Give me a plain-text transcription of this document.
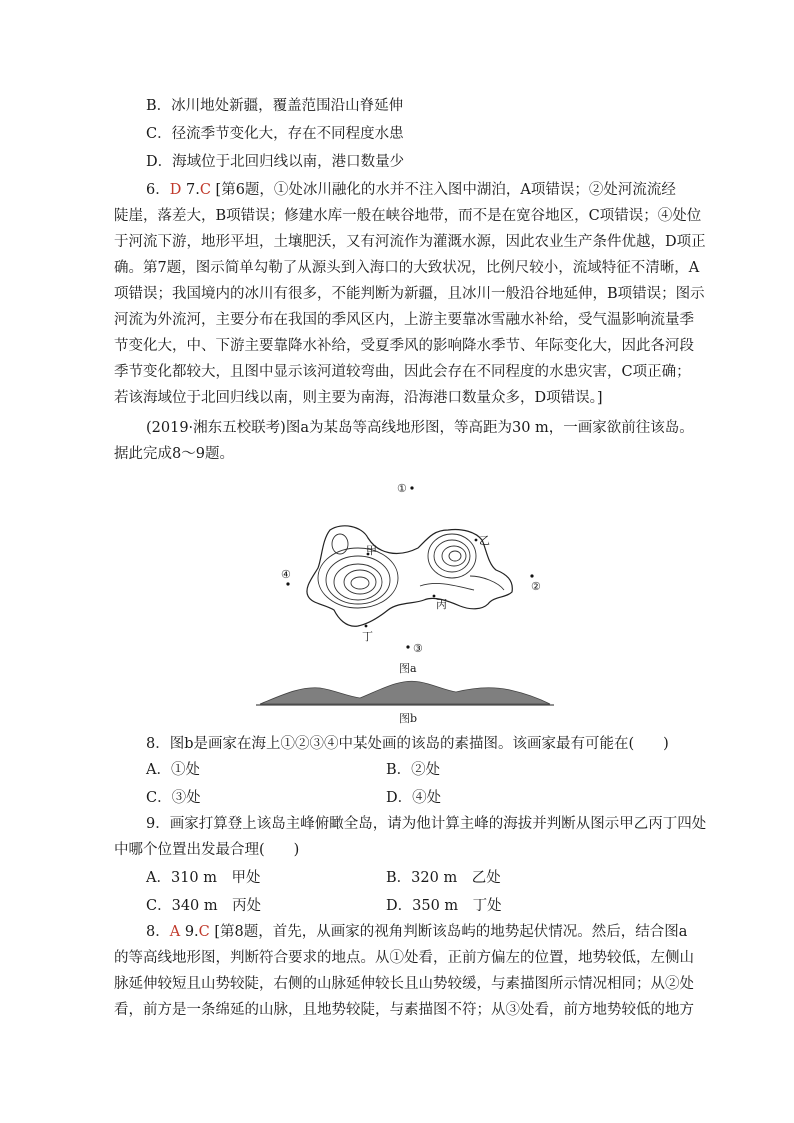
B．冰川地处新疆，覆盖范围沿山脊延伸
C．径流季节变化大，存在不同程度水患
D．海域位于北回归线以南，港口数量少
6．D 7.C [第6题，①处冰川融化的水并不注入图中湖泊，A项错误；②处河流流经
陡崖，落差大，B项错误；修建水库一般在峡谷地带，而不是在宽谷地区，C项错误；④处位
于河流下游，地形平坦，土壤肥沃，又有河流作为灌溉水源，因此农业生产条件优越，D项正
确。第7题，图示简单勾勒了从源头到入海口的大致状况，比例尺较小，流域特征不清晰，A
项错误；我国境内的冰川有很多，不能判断为新疆，且冰川一般沿谷地延伸，B项错误；图示
河流为外流河，主要分布在我国的季风区内，上游主要靠冰雪融水补给，受气温影响流量季
节变化大，中、下游主要靠降水补给，受夏季风的影响降水季节、年际变化大，因此各河段
季节变化都较大，且图中显示该河道较弯曲，因此会存在不同程度的水患灾害，C项正确；
若该海域位于北回归线以南，则主要为南海，沿海港口数量众多，D项错误。]
(2019·湘东五校联考)图a为某岛等高线地形图，等高距为30 m，一画家欲前往该岛。
据此完成8～9题。
①
②
③
④
甲
乙
丙
丁
图a
图b
8．图b是画家在海上①②③④中某处画的该岛的素描图。该画家最有可能在(　　)
A．①处	B．②处
C．③处	D．④处
9．画家打算登上该岛主峰俯瞰全岛，请为他计算主峰的海拔并判断从图示甲乙丙丁四处
中哪个位置出发最合理(　　)
A．310 m　甲处	B．320 m　乙处
C．340 m　丙处	D．350 m　丁处
8．A 9.C [第8题，首先，从画家的视角判断该岛屿的地势起伏情况。然后，结合图a
的等高线地形图，判断符合要求的地点。从①处看，正前方偏左的位置，地势较低，左侧山
脉延伸较短且山势较陡，右侧的山脉延伸较长且山势较缓，与素描图所示情况相同；从②处
看，前方是一条绵延的山脉，且地势较陡，与素描图不符；从③处看，前方地势较低的地方
